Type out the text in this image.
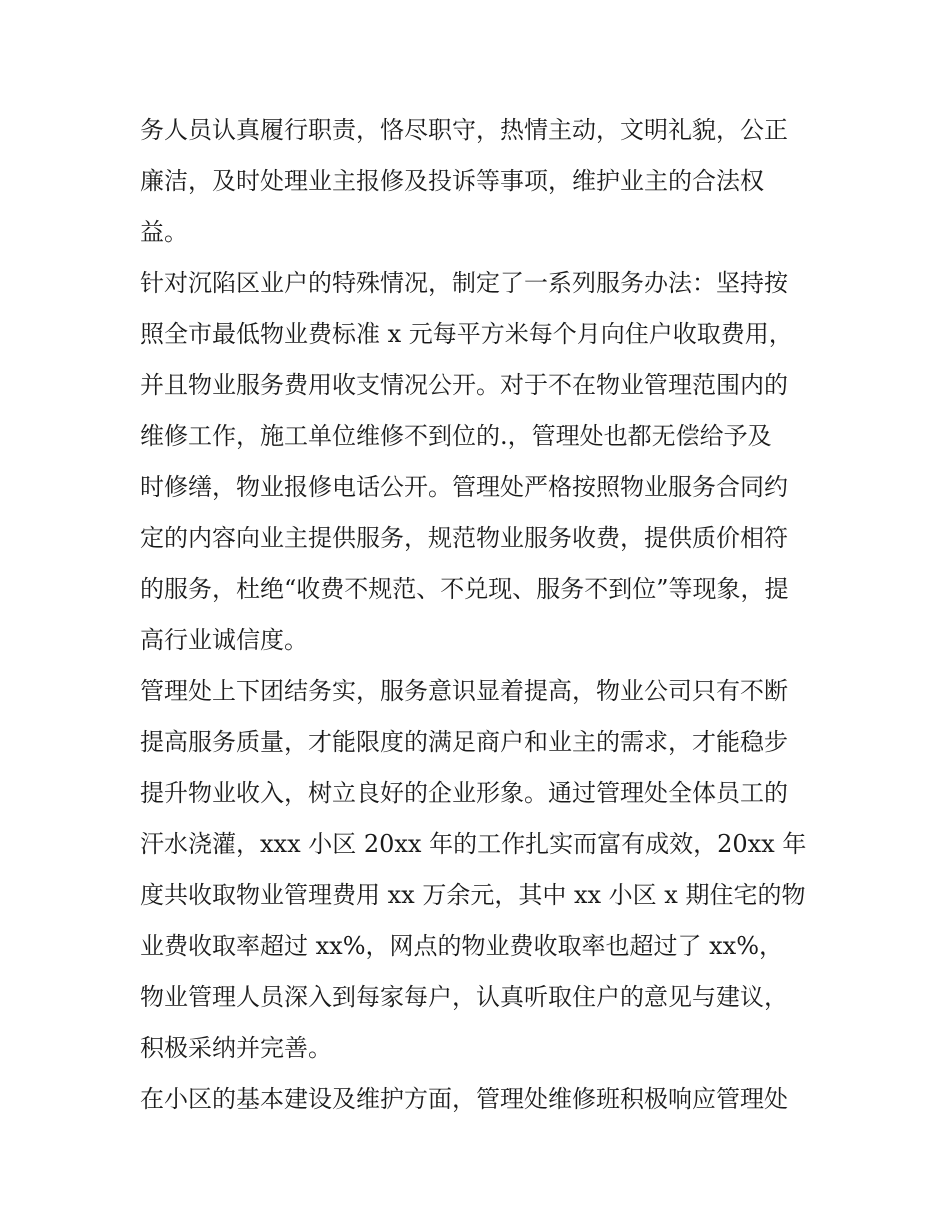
务人员认真履行职责，恪尽职守，热情主动，文明礼貌，公正
廉洁，及时处理业主报修及投诉等事项，维护业主的合法权
益。
针对沉陷区业户的特殊情况，制定了一系列服务办法：坚持按
照全市最低物业费标准 x 元每平方米每个月向住户收取费用，
并且物业服务费用收支情况公开。对于不在物业管理范围内的
维修工作，施工单位维修不到位的.，管理处也都无偿给予及
时修缮，物业报修电话公开。管理处严格按照物业服务合同约
定的内容向业主提供服务，规范物业服务收费，提供质价相符
的服务，杜绝“收费不规范、不兑现、服务不到位”等现象，提
高行业诚信度。
管理处上下团结务实，服务意识显着提高，物业公司只有不断
提高服务质量，才能限度的满足商户和业主的需求，才能稳步
提升物业收入，树立良好的企业形象。通过管理处全体员工的
汗水浇灌，xxx 小区 20xx 年的工作扎实而富有成效，20xx 年
度共收取物业管理费用 xx 万余元，其中 xx 小区 x 期住宅的物
业费收取率超过 xx%，网点的物业费收取率也超过了 xx%，
物业管理人员深入到每家每户，认真听取住户的意见与建议，
积极采纳并完善。
在小区的基本建设及维护方面，管理处维修班积极响应管理处
